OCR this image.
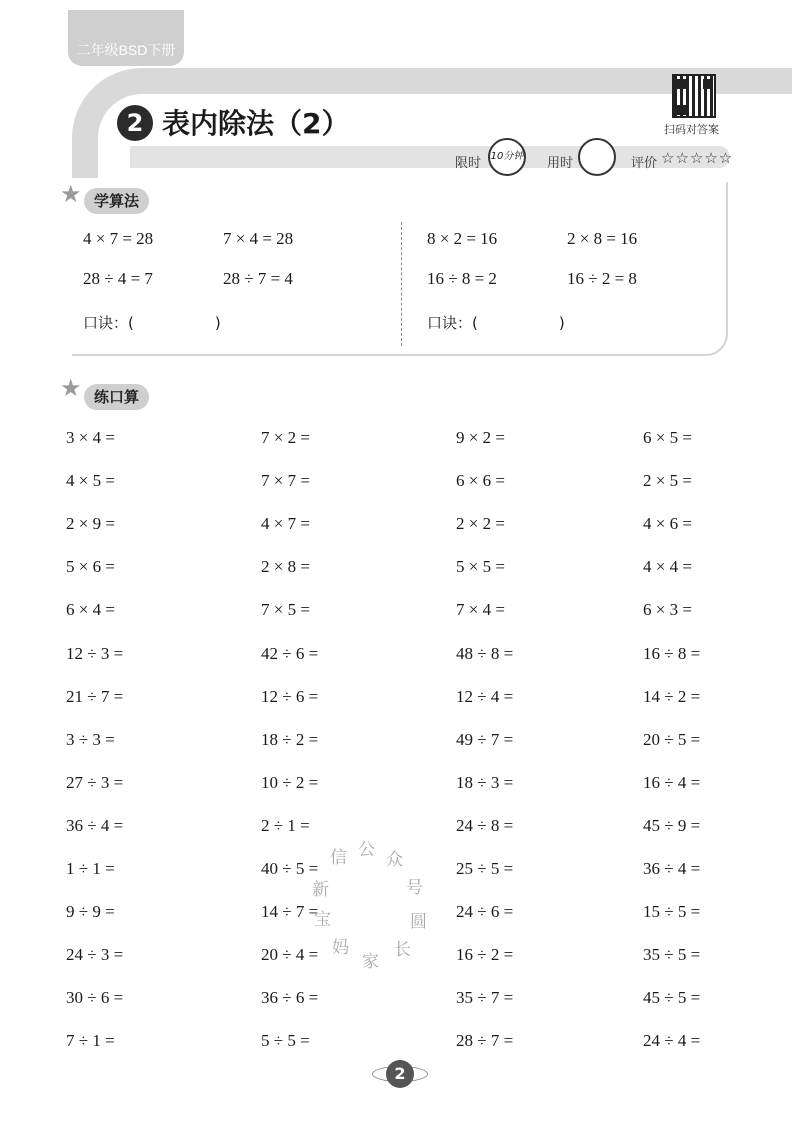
二年级BSD下册
2 表内除法（2）	扫码对答案
限时 10分钟 用时	评价 ☆☆☆☆☆
★ 学算法
4 × 7 = 28	7 × 4 = 28
28 ÷ 4 = 7	28 ÷ 7 = 4
口诀：(                 )
8 × 2 = 16	2 × 8 = 16
16 ÷ 8 = 2	16 ÷ 2 = 8
口诀：(                 )
★ 练口算
3 × 4 =	7 × 2 =	9 × 2 =	6 × 5 =
4 × 5 =	7 × 7 =	6 × 6 =	2 × 5 =
2 × 9 =	4 × 7 =	2 × 2 =	4 × 6 =
5 × 6 =	2 × 8 =	5 × 5 =	4 × 4 =
6 × 4 =	7 × 5 =	7 × 4 =	6 × 3 =
12 ÷ 3 =	42 ÷ 6 =	48 ÷ 8 =	16 ÷ 8 =
21 ÷ 7 =	12 ÷ 6 =	12 ÷ 4 =	14 ÷ 2 =
3 ÷ 3 =	18 ÷ 2 =	49 ÷ 7 =	20 ÷ 5 =
27 ÷ 3 =	10 ÷ 2 =	18 ÷ 3 =	16 ÷ 4 =
36 ÷ 4 =	2 ÷ 1 =	24 ÷ 8 =	45 ÷ 9 =
1 ÷ 1 =	40 ÷ 5 =	25 ÷ 5 =	36 ÷ 4 =
9 ÷ 9 =	14 ÷ 7 =	24 ÷ 6 =	15 ÷ 5 =
24 ÷ 3 =	20 ÷ 4 =	16 ÷ 2 =	35 ÷ 5 =
30 ÷ 6 =	36 ÷ 6 =	35 ÷ 7 =	45 ÷ 5 =
7 ÷ 1 =	5 ÷ 5 =	28 ÷ 7 =	24 ÷ 4 =
信 公 众
号
圆
长
家
妈
宝
新
2
